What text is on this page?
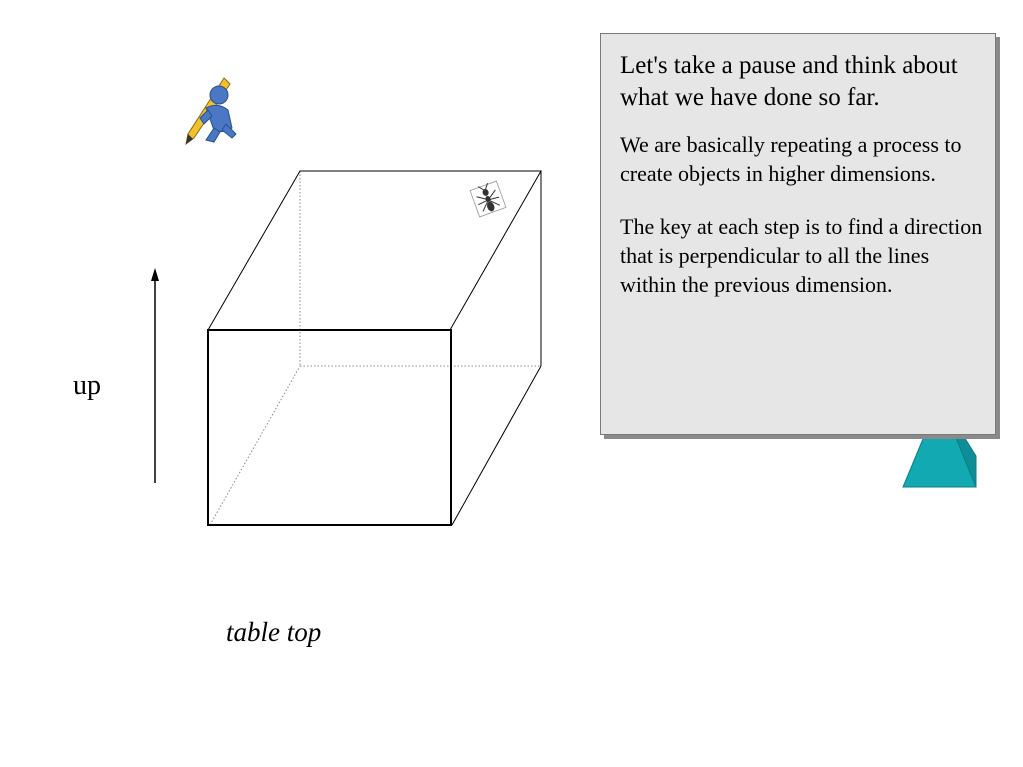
up
table top

Let's take a pause and think about what we have done so far.

We are basically repeating a process to create objects in higher dimensions.

The key at each step is to find a direction that is perpendicular to all the lines within the previous dimension.
